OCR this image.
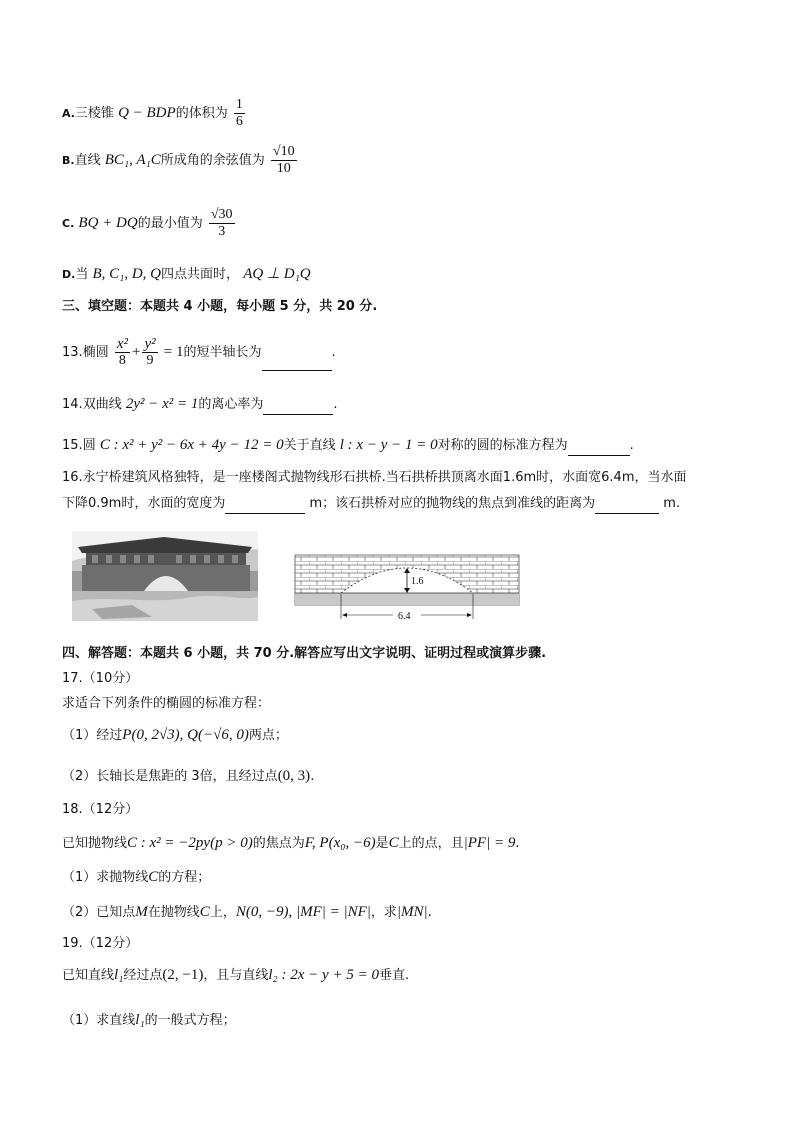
A.三棱锥 Q − BDP的体积为 $\frac{1}{6}$
B.直线 BC₁, A₁C所成角的余弦值为 $\frac{√10}{10}$
C. BQ + DQ的最小值为 $\frac{√30}{3}$
D.当 B, C₁, D, Q四点共面时， AQ ⊥ D₁Q
三、填空题：本题共 4 小题，每小题 5 分，共 20 分.
13.椭圆 $\frac{\text{x²}}{8} + \frac{\text{y²}}{9} = 1$的短半轴长为	.
14.双曲线 2y² − x² = 1的离心率为	.
15.圆 C : x² + y² − 6x + 4y − 12 = 0关于直线 l : x − y − 1 = 0对称的圆的标准方程为	.
16.永宁桥建筑风格独特，是一座楼阁式抛物线形石拱桥.当石拱桥拱顶离水面1.6m时，水面宽6.4m，当水面
下降0.9m时，水面的宽度为	m；该石拱桥对应的抛物线的焦点到准线的距离为	m.
1.6
6.4
四、解答题：本题共 6 小题，共 70 分.解答应写出文字说明、证明过程或演算步骤.
17.（10分）
求适合下列条件的椭圆的标准方程：
（1）经过P(0, 2√3), Q(−√6, 0)两点；
（2）长轴长是焦距的 3倍，且经过点(0, 3).
18.（12分）
已知抛物线C : x² = −2py(p > 0)的焦点为F, P(x₀, −6)是C上的点，且|PF| = 9.
（1）求抛物线C的方程；
（2）已知点M在抛物线C上，N(0, −9), |MF| = |NF|，求|MN|.
19.（12分）
已知直线l₁经过点(2, −1)，且与直线l₂ : 2x − y + 5 = 0垂直.
（1）求直线l₁的一般式方程；
